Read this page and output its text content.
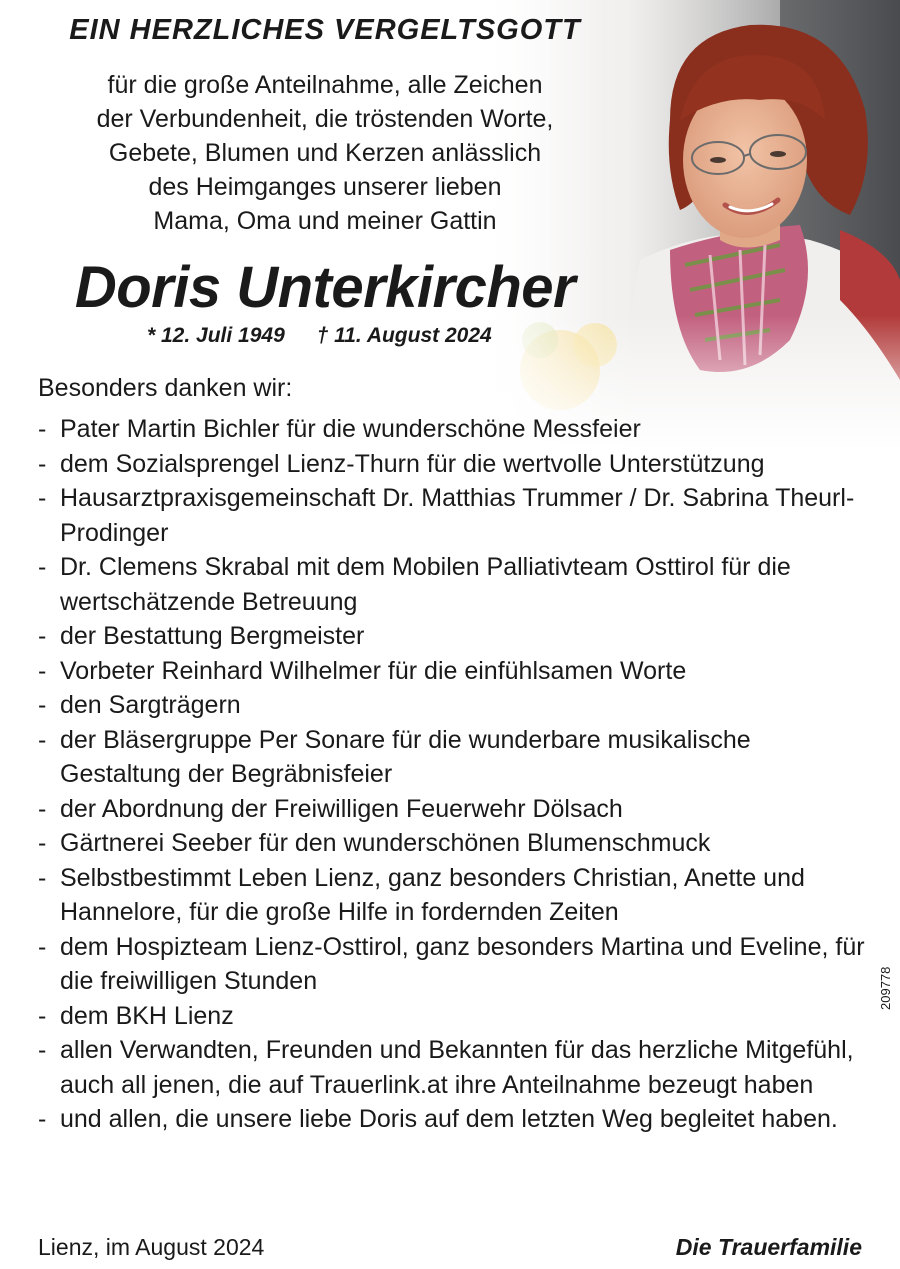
EIN HERZLICHES VERGELTSGOTT
für die große Anteilnahme, alle Zeichen
der Verbundenheit, die tröstenden Worte,
Gebete, Blumen und Kerzen anlässlich
des Heimganges unserer lieben
Mama, Oma und meiner Gattin
Doris Unterkircher
* 12. Juli 1949 † 11. August 2024
Besonders danken wir:
- Pater Martin Bichler für die wunderschöne Messfeier
- dem Sozialsprengel Lienz-Thurn für die wertvolle Unterstützung
- Hausarztpraxisgemeinschaft Dr. Matthias Trummer / Dr. Sabrina Theurl-Prodinger
- Dr. Clemens Skrabal mit dem Mobilen Palliativteam Osttirol für die wertschätzende Betreuung
- der Bestattung Bergmeister
- Vorbeter Reinhard Wilhelmer für die einfühlsamen Worte
- den Sargträgern
- der Bläsergruppe Per Sonare für die wunderbare musikalische Gestaltung der Begräbnisfeier
- der Abordnung der Freiwilligen Feuerwehr Dölsach
- Gärtnerei Seeber für den wunderschönen Blumenschmuck
- Selbstbestimmt Leben Lienz, ganz besonders Christian, Anette und Hannelore, für die große Hilfe in fordernden Zeiten
- dem Hospizteam Lienz-Osttirol, ganz besonders Martina und Eveline, für die freiwilligen Stunden
- dem BKH Lienz
- allen Verwandten, Freunden und Bekannten für das herzliche Mitgefühl, auch all jenen, die auf Trauerlink.at ihre Anteilnahme bezeugt haben
- und allen, die unsere liebe Doris auf dem letzten Weg begleitet haben.
Lienz, im August 2024	Die Trauerfamilie
209778
